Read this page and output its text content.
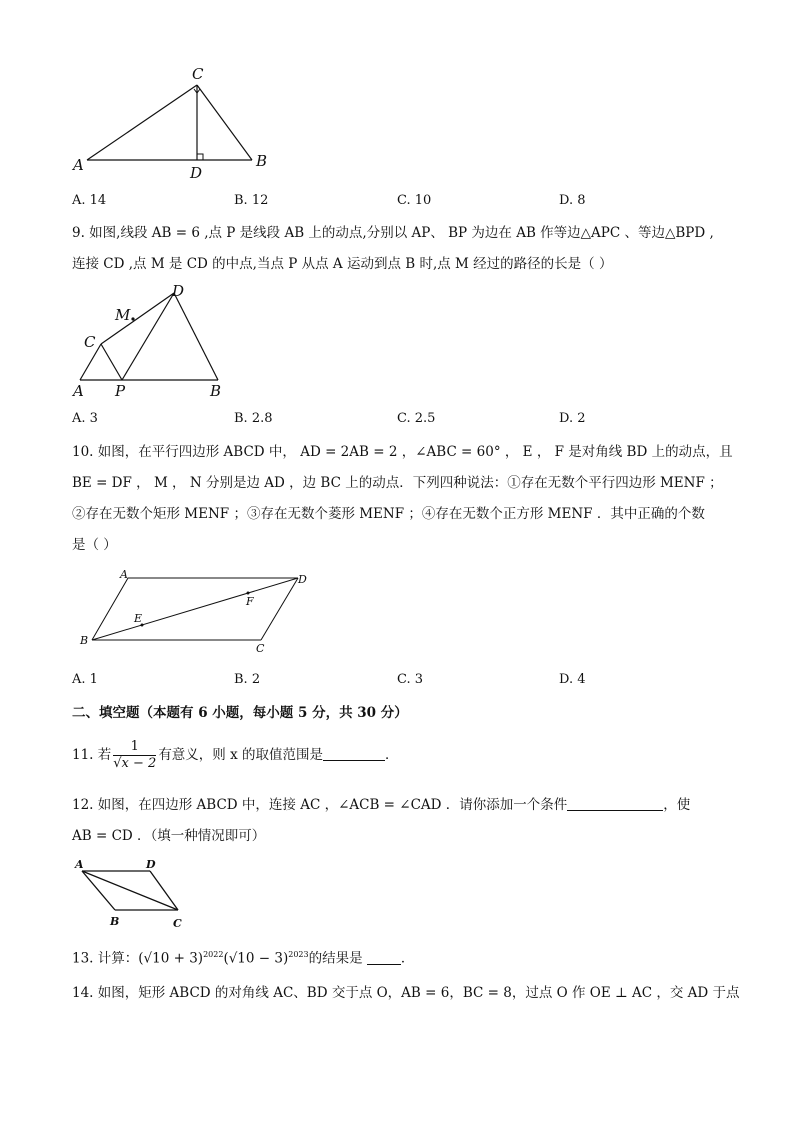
A	B
C
D
A. 14	B. 12	C. 10	D. 8
9. 如图,线段 AB = 6 ,点 P 是线段 AB 上的动点,分别以 AP、 BP 为边在 AB 作等边△APC 、等边△BPD ,
连接 CD ,点 M 是 CD 的中点,当点 P 从点 A 运动到点 B 时,点 M 经过的路径的长是（ ）
A P	B
C
M
D
A. 3	B. 2.8	C. 2.5	D. 2
10. 如图，在平行四边形 ABCD 中， AD = 2AB = 2 ，∠ABC = 60° ， E ， F 是对角线 BD 上的动点，且
BE = DF ， M ， N 分别是边 AD ，边 BC 上的动点．下列四种说法：①存在无数个平行四边形 MENF ；
②存在无数个矩形 MENF ；③存在无数个菱形 MENF ；④存在无数个正方形 MENF ．其中正确的个数
是（ ）
A	D
B
C
E
F
A. 1	B. 2	C. 3	D. 4
二、填空题（本题有 6 小题，每小题 5 分，共 30 分）
11. 若 $\frac{1}{√x - 2}$ 有意义，则 x 的取值范围是	．
12. 如图，在四边形 ABCD 中，连接 AC ，∠ACB = ∠CAD ．请你添加一个条件	，使
AB = CD ．（填一种情况即可）
A	D
B	C
13. 计算：$(√10 + 3)^{2022}(√10 - 3)^{2023}$的结果是	．
14. 如图，矩形 ABCD 的对角线 AC、BD 交于点 O，AB = 6，BC = 8，过点 O 作 OE ⊥ AC ，交 AD 于点
